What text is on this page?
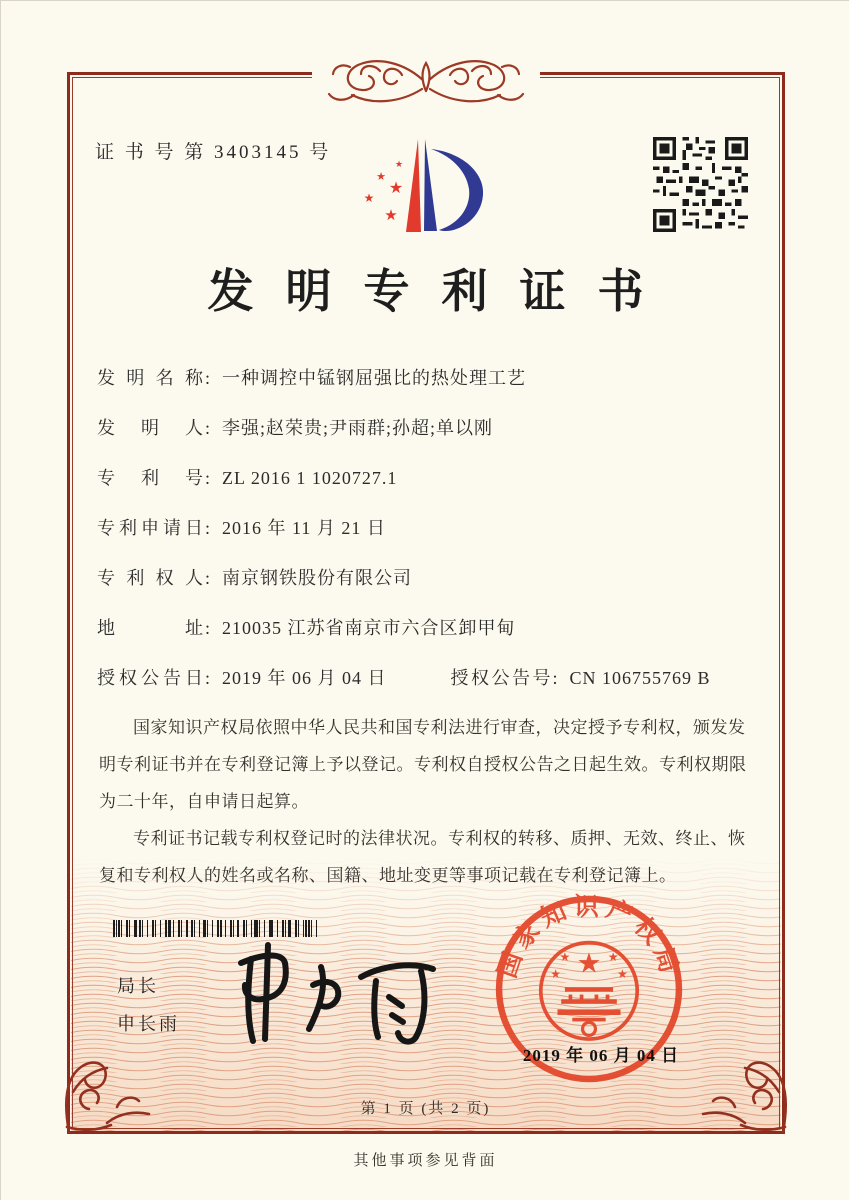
证 书 号 第 3403145 号
★
★
★
★
★
发明专利证书
发明名称 : 一种调控中锰钢屈强比的热处理工艺
发明人 : 李强;赵荣贵;尹雨群;孙超;单以刚
专利号 : ZL 2016 1 1020727.1
专利申请日 : 2016 年 11 月 21 日
专利权人 : 南京钢铁股份有限公司
地址 : 210035 江苏省南京市六合区卸甲甸
授权公告日 : 2019 年 06 月 04 日	授权公告号 : CN 106755769 B

国家知识产权局依照中华人民共和国专利法进行审查，决定授予专利权，颁发发明专利证书并在专利登记簿上予以登记。专利权自授权公告之日起生效。专利权期限为二十年，自申请日起算。

专利证书记载专利权登记时的法律状况。专利权的转移、质押、无效、终止、恢复和专利权人的姓名或名称、国籍、地址变更等事项记载在专利登记簿上。

局长
申长雨
国家知识产权局
★
★	★
★	★
2019 年 06 月 04 日
第 1 页 (共 2 页)
其他事项参见背面
